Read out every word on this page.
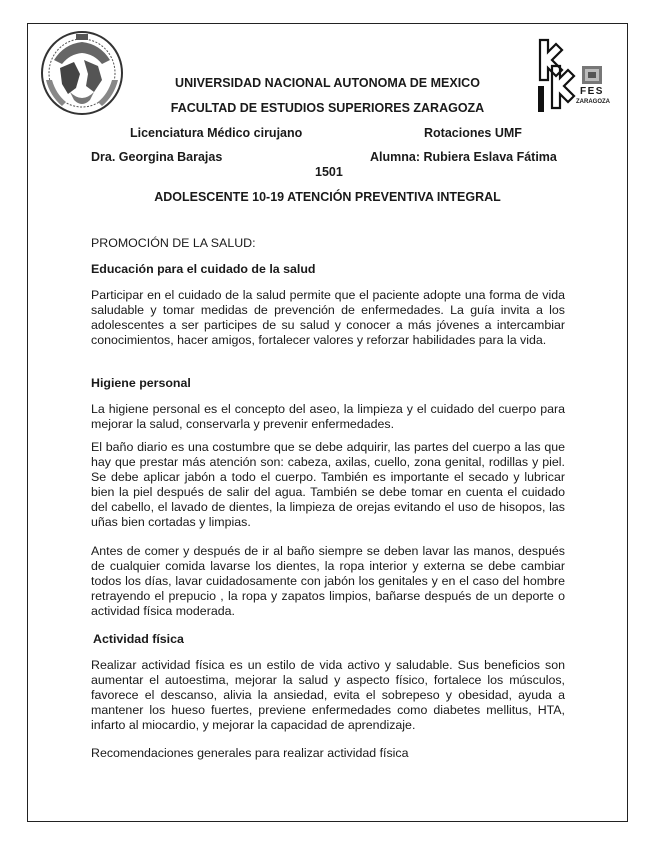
FES
ZARAGOZA
UNIVERSIDAD NACIONAL AUTONOMA DE MEXICO
FACULTAD DE ESTUDIOS SUPERIORES ZARAGOZA
Licenciatura Médico cirujano	Rotaciones UMF
Dra. Georgina Barajas	Alumna: Rubiera Eslava Fátima
1501
ADOLESCENTE 10-19 ATENCIÓN PREVENTIVA INTEGRAL
PROMOCIÓN DE LA SALUD:
Educación para el cuidado de la salud

Participar en el cuidado de la salud permite que el paciente adopte una forma de vida saludable y tomar medidas de prevención de enfermedades. La guía invita a los adolescentes a ser participes de su salud y conocer a más jóvenes a intercambiar conocimientos, hacer amigos, fortalecer valores y reforzar habilidades para la vida.

Higiene personal

La higiene personal es el concepto del aseo, la limpieza y el cuidado del cuerpo para mejorar la salud, conservarla y prevenir enfermedades.

El baño diario es una costumbre que se debe adquirir, las partes del cuerpo a las que hay que prestar más atención son: cabeza, axilas, cuello, zona genital, rodillas y piel. Se debe aplicar jabón a todo el cuerpo. También es importante el secado y lubricar bien la piel después de salir del agua. También se debe tomar en cuenta el cuidado del cabello, el lavado de dientes, la limpieza de orejas evitando el uso de hisopos, las uñas bien cortadas y limpias.

Antes de comer y después de ir al baño siempre se deben lavar las manos, después de cualquier comida lavarse los dientes, la ropa interior y externa se debe cambiar todos los días, lavar cuidadosamente con jabón los genitales y en el caso del hombre retrayendo el prepucio , la ropa y zapatos limpios, bañarse después de un deporte o actividad física moderada.

Actividad física

Realizar actividad física es un estilo de vida activo y saludable. Sus beneficios son aumentar el autoestima, mejorar la salud y aspecto físico, fortalece los músculos, favorece el descanso, alivia la ansiedad, evita el sobrepeso y obesidad, ayuda a mantener los hueso fuertes, previene enfermedades como diabetes mellitus, HTA, infarto al miocardio, y mejorar la capacidad de aprendizaje.

Recomendaciones generales para realizar actividad física
